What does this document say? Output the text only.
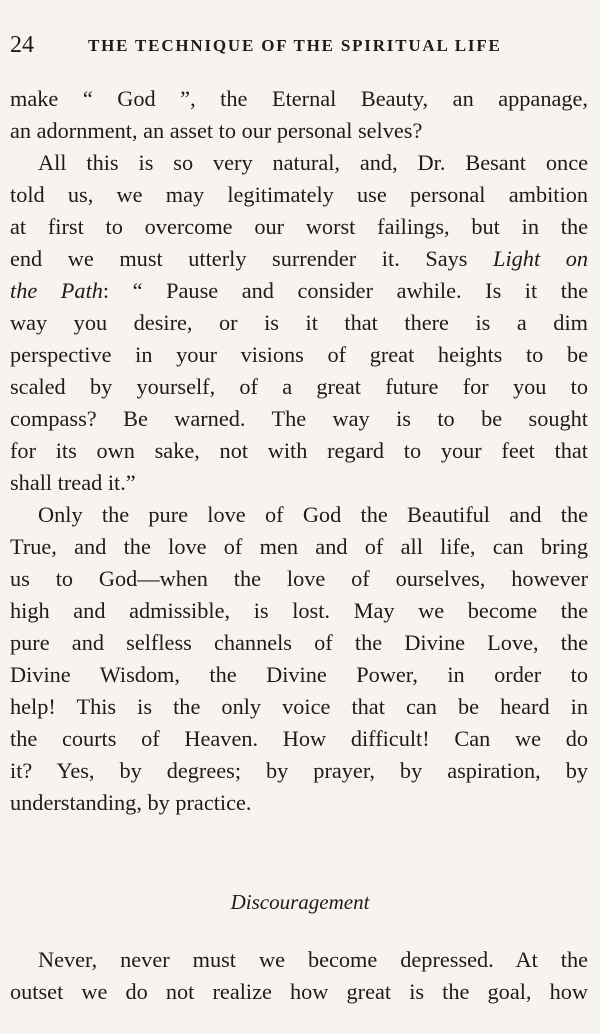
24	THE TECHNIQUE OF THE SPIRITUAL LIFE
make “ God ”, the Eternal Beauty, an appanage,
an adornment, an asset to our personal selves?
All this is so very natural, and, Dr. Besant once
told us, we may legitimately use personal ambition
at first to overcome our worst failings, but in the
end we must utterly surrender it. Says Light on
the Path: “ Pause and consider awhile. Is it the
way you desire, or is it that there is a dim
perspective in your visions of great heights to be
scaled by yourself, of a great future for you to
compass? Be warned. The way is to be sought
for its own sake, not with regard to your feet that
shall tread it.”
Only the pure love of God the Beautiful and the
True, and the love of men and of all life, can bring
us to God—when the love of ourselves, however
high and admissible, is lost. May we become the
pure and selfless channels of the Divine Love, the
Divine Wisdom, the Divine Power, in order to
help! This is the only voice that can be heard in
the courts of Heaven. How difficult! Can we do
it? Yes, by degrees; by prayer, by aspiration, by
understanding, by practice.
Discouragement
Never, never must we become depressed. At the
outset we do not realize how great is the goal, how
